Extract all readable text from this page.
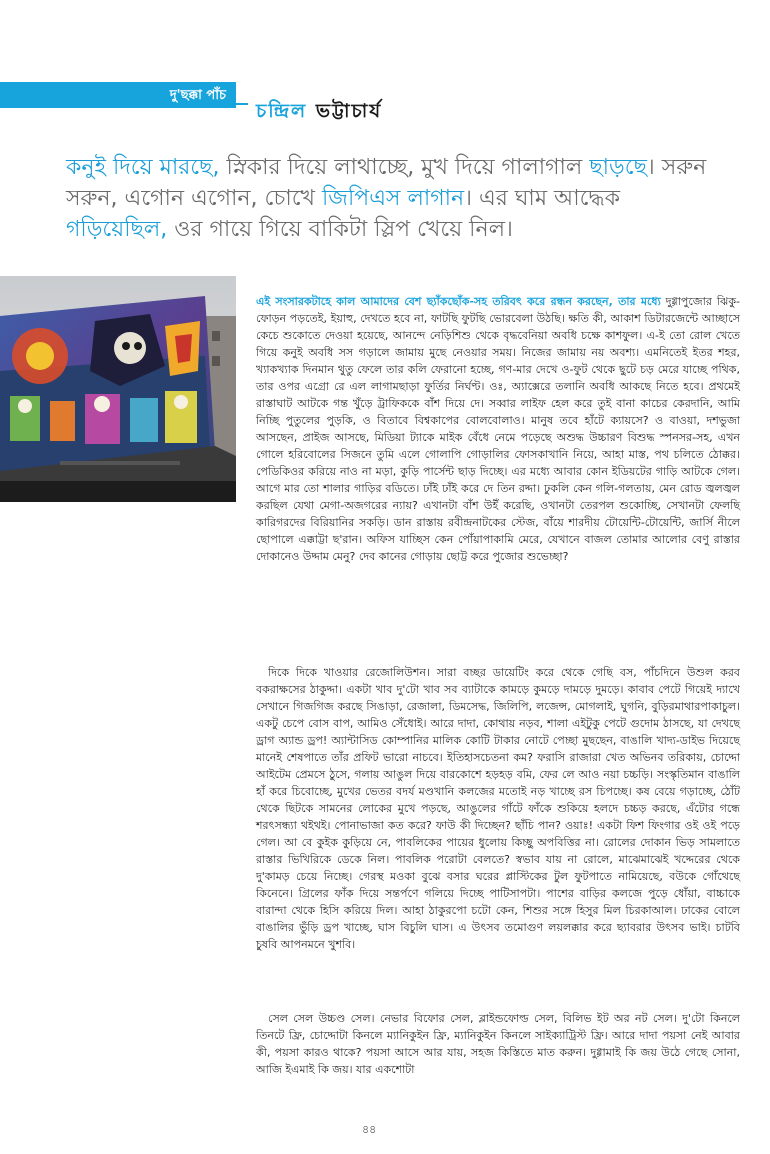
দু'ছক্কা পাঁচ
চন্দ্রিল ভট্টাচার্য
কনুই দিয়ে মারছে, স্নিকার দিয়ে লাথাচ্ছে, মুখ দিয়ে গালাগাল ছাড়ছে। সরুন সরুন, এগোন এগোন, চোখে জিপিএস লাগান। এর ঘাম আদ্ধেক গড়িয়েছিল, ওর গায়ে গিয়ে বাকিটা স্লিপ খেয়ে নিল।
এই সংসারকটাহে কাল আমাদের বেশ ছ্যাঁকছোঁক-সহ তরিবৎ করে রন্ধন করছেন, তার মধ্যে দুগ্গাপুজোর ঝিকু-ফোড়ন পড়তেই, ইয়াহু, দেখতে হবে না, ফাটছি ফুটছি ভোরবেলা উঠছি। ক্ষতি কী, আকাশ ডিটারজেন্টে আচ্ছাসে কেচে শুকোতে দেওয়া হয়েছে, আনন্দে নেড়িশিশু থেকে বৃদ্ধবেনিয়া অবধি চক্ষে কাশফুল। এ-ই তো রোল খেতে গিয়ে কনুই অবধি সস গড়ালে জামায় মুছে নেওয়ার সময়। নিজের জামায় নয় অবশ্য। এমনিতেই ইতর শহর, খ্যাকখ্যাক দিনমান থুতু ফেলে তার কলি ফেরানো হচ্ছে, গণ-মার দেখে ও-ফুট থেকে ছুটে চড় মেরে যাচ্ছে পথিক, তার ওপর এগ্রো রে এল লাগামছাড়া ফুর্তির নির্ঘণ্ট। ওঃ, অ্যাক্সেরে তলানি অবধি আকছে নিতে হবে। প্রথমেই রাস্তাঘাট আটকে গন্ত খুঁড়ে ট্রাফিককে বাঁশ দিয়ে দে। সব্বার লাইফ হেল করে তুই বানা কাচের কেরদানি, আমি নিচ্ছি পুতুলের পুড়কি, ও বিতাবে বিশ্বকাপের বোলবোলাও। মানুষ তবে হাঁটে ক্যায়সে? ও বাওয়া, দশভুজা আসছেন, প্রাইজ আসছে, মিডিয়া ট্যাকে মাইক বেঁধে নেমে পড়েছে অশুদ্ধ উচ্চারণ বিশুদ্ধ স্পনসর-সহ, এখন গোলে হরিবোলের সিজনে তুমি এলে গোলাপি গোড়ালির ফোসকাখানি নিয়ে, আহা মাস্ত, পথ চলিতে ঠোক্কর। পেডিকিওর করিয়ে নাও না মড়া, কুড়ি পার্সেন্ট ছাড় দিচ্ছে। এর মধ্যে আবার কোন ইডিয়টের গাড়ি আটকে গেল। আগে মার তো শালার গাড়ির বডিতে। ঢাঁই ঢাঁই করে দে তিন রদ্দা। ঢুকলি কেন গলি-গলতায়, মেন রোড জ্বলজ্বল করছিল যেথা মেগা-অজগরের ন্যায়? এখানটা বাঁশ উইঁ করেছি, ওখানটা তেরপল শুকোচ্ছি, সেখানটা ফেলছি কারিগরদের বিরিয়ানির সকড়ি। ডান রাস্তায় রবীন্দ্রনাটকের স্টেজ, বাঁয়ে শারদীয় টোয়েন্টি-টোয়েন্টি, জার্সি নীলে ছোপালে এক্কাট্টা ছ'রান। অফিস যাচ্ছিস কেন পোঁয়াপাকামি মেরে, যেখানে বাজল তোমার আলোর বেণু রাস্তার দোকানেও উদ্দাম মেনু? দেব কানের গোড়ায় ছোট্ট করে পুজোর শুভেচ্ছা?

দিকে দিকে খাওয়ার রেজোলিউশন। সারা বচ্ছর ডায়েটিং করে থেকে গেছি বস, পাঁচদিনে উশুল করব বকরাক্ষসের ঠাকুদ্দা। একটা খাব দু'টো খাব সব ব্যাটাকে কামড়ে কুমড়ে দামড়ে দুমড়ে। কাবাব পেটে গিয়েই দ্যাখে সেখানে গিজগিজ করছে সিঙাড়া, রেজালা, ডিমসেদ্ধ, জিলিপি, লজেন্স, মোগলাই, ঘুগনি, বুড়িরমাথারপাকাচুল। একটু চেপে বোস বাপ, আমিও সেঁধোই। আরে দাদা, কোথায় নড়ব, শালা এইটুকু পেটে গুদোম ঠাসছে, যা দেখছে ড্রাগ অ্যান্ড ড্রপ! অ্যান্টাসিড কোম্পানির মালিক কোটি টাকার নোটে পেচ্ছা মুছছেন, বাঙালি খাদ্য-ডাইভ দিয়েছে মানেই শেষপাতে তাঁর প্রফিট ভারো নাচবে। ইতিহাসচেতনা কম? ফরাসি রাজারা খেত অভিনব তরিকায়, চোদ্দো আইটেম প্রেমসে ঠুসে, গলায় আঙুল দিয়ে বারকোশে হড়হড় বমি, ফের লে আও নয়া চচ্চড়ি। সংস্কৃতিমান বাঙালি হাঁ করে চিবোচ্ছে, মুখের ভেতর বদর্য মণ্ডখানি কলজের মতোই নড় খাচ্ছে রস চিপচ্ছে। কষ বেয়ে গড়াচ্ছে, ঠোঁট থেকে ছিটকে সামনের লোকের মুখে পড়ছে, আঙুলের গাঁটে ফাঁকে শুকিয়ে হলদে চচ্চড় করছে, এঁটোর গন্ধে শরৎসন্ধ্যা থইথই। পোনাভাজা কত করে? ফাউ কী দিচ্ছেন? ছাঁচি পান? ওয়াঃ! একটা ফিশ ফিংগার ওই ওই পড়ে গেল। আ বে কুইক কুড়িয়ে নে, পাবলিকের পায়ের ধুলোয় কিচ্ছু অপবিত্তির না। রোলের দোকান ভিড় সামলাতে রাস্তার ভিখিরিকে ডেকে নিল। পাবলিক পরোটা বেলতে? স্বভাব যায় না রোলে, মাঝেমাঝেই খদ্দেরের থেকে দু'কামড় চেয়ে নিচ্ছে। গেরস্থ মওকা বুঝে বসার ঘরের প্লাস্টিকের টুল ফুটপাতে নামিয়েছে, বউকে গোঁথেছে কিনেনে। গ্রিলের ফাঁক দিয়ে সন্তর্পণে গলিয়ে দিচ্ছে পাটিসাপটা। পাশের বাড়ির কলজে পুড়ে ধোঁয়া, বাচ্চাকে বারান্দা থেকে হিসি করিয়ে দিল। আহা ঠাকুরপো চটো কেন, শিশুর সঙ্গে হিসুর মিল চিরকাআল। ঢাকের বোলে বাঙালির ভুঁড়ি ড্রপ খাচ্ছে, ঘাস বিচুলি ঘাস। এ উৎসব তমোগুণ লয়লক্কার করে ছ্যাবরার উৎসব ভাই। চাটবি চুষবি আপনমনে খুশবি।

সেল সেল উচ্চণ্ড সেল। নেভার বিফোর সেল, ব্লাইন্ডফোল্ড সেল, বিলিভ ইট অর নট সেল। দু'টো কিনলে তিনটে ফ্রি, চোদ্দোটা কিনলে ম্যানিকুইন ফ্রি, ম্যানিকুইন কিনলে সাইক্যাট্রিস্ট ফ্রি। আরে দাদা পয়সা নেই আবার কী, পয়সা কারও থাকে? পয়সা আসে আর যায়, সহজ কিস্তিতে মাত করুন। দুগ্গামাই কি জয় উঠে গেছে সোনা, আজি ইএমাই কি জয়। যার একশোটা

৪৪
